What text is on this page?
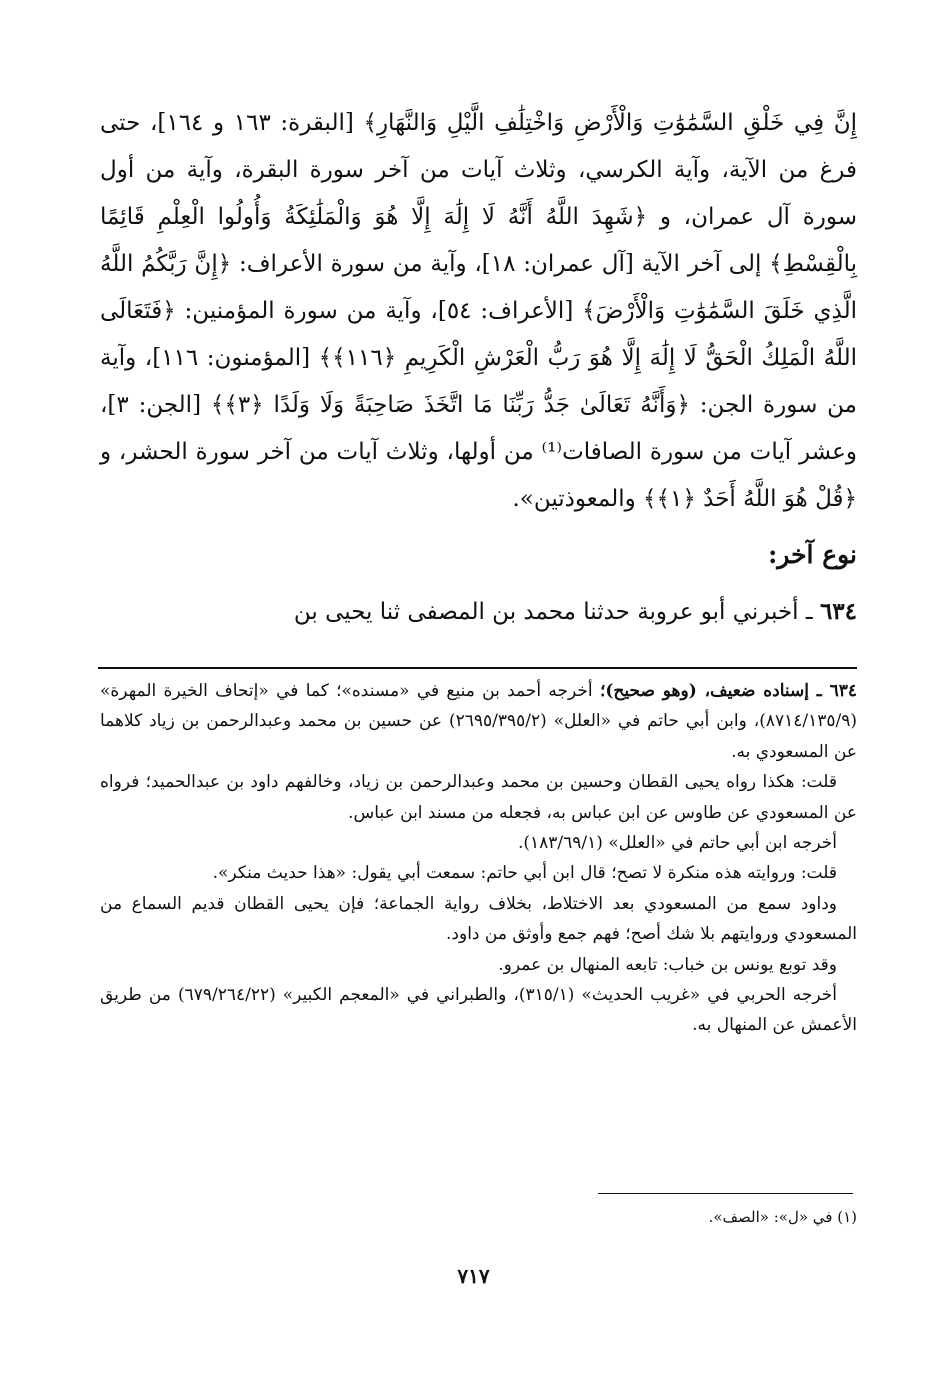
إِنَّ فِي خَلْقِ السَّمَٰوَٰتِ وَالْأَرْضِ وَاخْتِلَٰفِ الَّيْلِ وَالنَّهَارِ﴾ [البقرة: ١٦٣ و ١٦٤]، حتى فرغ من الآية، وآية الكرسي، وثلاث آيات من آخر سورة البقرة، وآية من أول سورة آل عمران، و ﴿شَهِدَ اللَّهُ أَنَّهُ لَا إِلَٰهَ إِلَّا هُوَ وَالْمَلَٰئِكَةُ وَأُولُوا الْعِلْمِ قَائِمًا بِالْقِسْطِ﴾ إلى آخر الآية [آل عمران: ١٨]، وآية من سورة الأعراف: ﴿إِنَّ رَبَّكُمُ اللَّهُ الَّذِي خَلَقَ السَّمَٰوَٰتِ وَالْأَرْضَ﴾ [الأعراف: ٥٤]، وآية من سورة المؤمنين: ﴿فَتَعَالَى اللَّهُ الْمَلِكُ الْحَقُّ لَا إِلَٰهَ إِلَّا هُوَ رَبُّ الْعَرْشِ الْكَرِيمِ ﴿١١٦﴾﴾ [المؤمنون: ١١٦]، وآية من سورة الجن: ﴿وَأَنَّهُ تَعَالَىٰ جَدُّ رَبِّنَا مَا اتَّخَذَ صَاحِبَةً وَلَا وَلَدًا ﴿٣﴾﴾ [الجن: ٣]، وعشر آيات من سورة الصافات⁽¹⁾ من أولها، وثلاث آيات من آخر سورة الحشر، و ﴿قُلْ هُوَ اللَّهُ أَحَدٌ ﴿١﴾﴾ والمعوذتين».

نوع آخر:
٦٣٤ ـ أخبرني أبو عروبة حدثنا محمد بن المصفى ثنا يحيى بن

٦٣٤ ـ إسناده ضعيف، (وهو صحيح)؛ أخرجه أحمد بن منيع في «مسنده»؛ كما في «إتحاف الخيرة المهرة» (٨٧١٤/١٣٥/٩)، وابن أبي حاتم في «العلل» (٢٦٩٥/٣٩٥/٢) عن حسين بن محمد وعبدالرحمن بن زياد كلاهما عن المسعودي به.

قلت: هكذا رواه يحيى القطان وحسين بن محمد وعبدالرحمن بن زياد، وخالفهم داود بن عبدالحميد؛ فرواه عن المسعودي عن طاوس عن ابن عباس به، فجعله من مسند ابن عباس.

أخرجه ابن أبي حاتم في «العلل» (١٨٣/٦٩/١).

قلت: وروايته هذه منكرة لا تصح؛ قال ابن أبي حاتم: سمعت أبي يقول: «هذا حديث منكر».

وداود سمع من المسعودي بعد الاختلاط، بخلاف رواية الجماعة؛ فإن يحيى القطان قديم السماع من المسعودي وروايتهم بلا شك أصح؛ فهم جمع وأوثق من داود.

وقد توبع يونس بن خباب: تابعه المنهال بن عمرو.

أخرجه الحربي في «غريب الحديث» (٣١٥/١)، والطبراني في «المعجم الكبير» (٦٧٩/٢٦٤/٢٢) من طريق الأعمش عن المنهال به.

(١) في «ل»: «الصف».
٧١٧
